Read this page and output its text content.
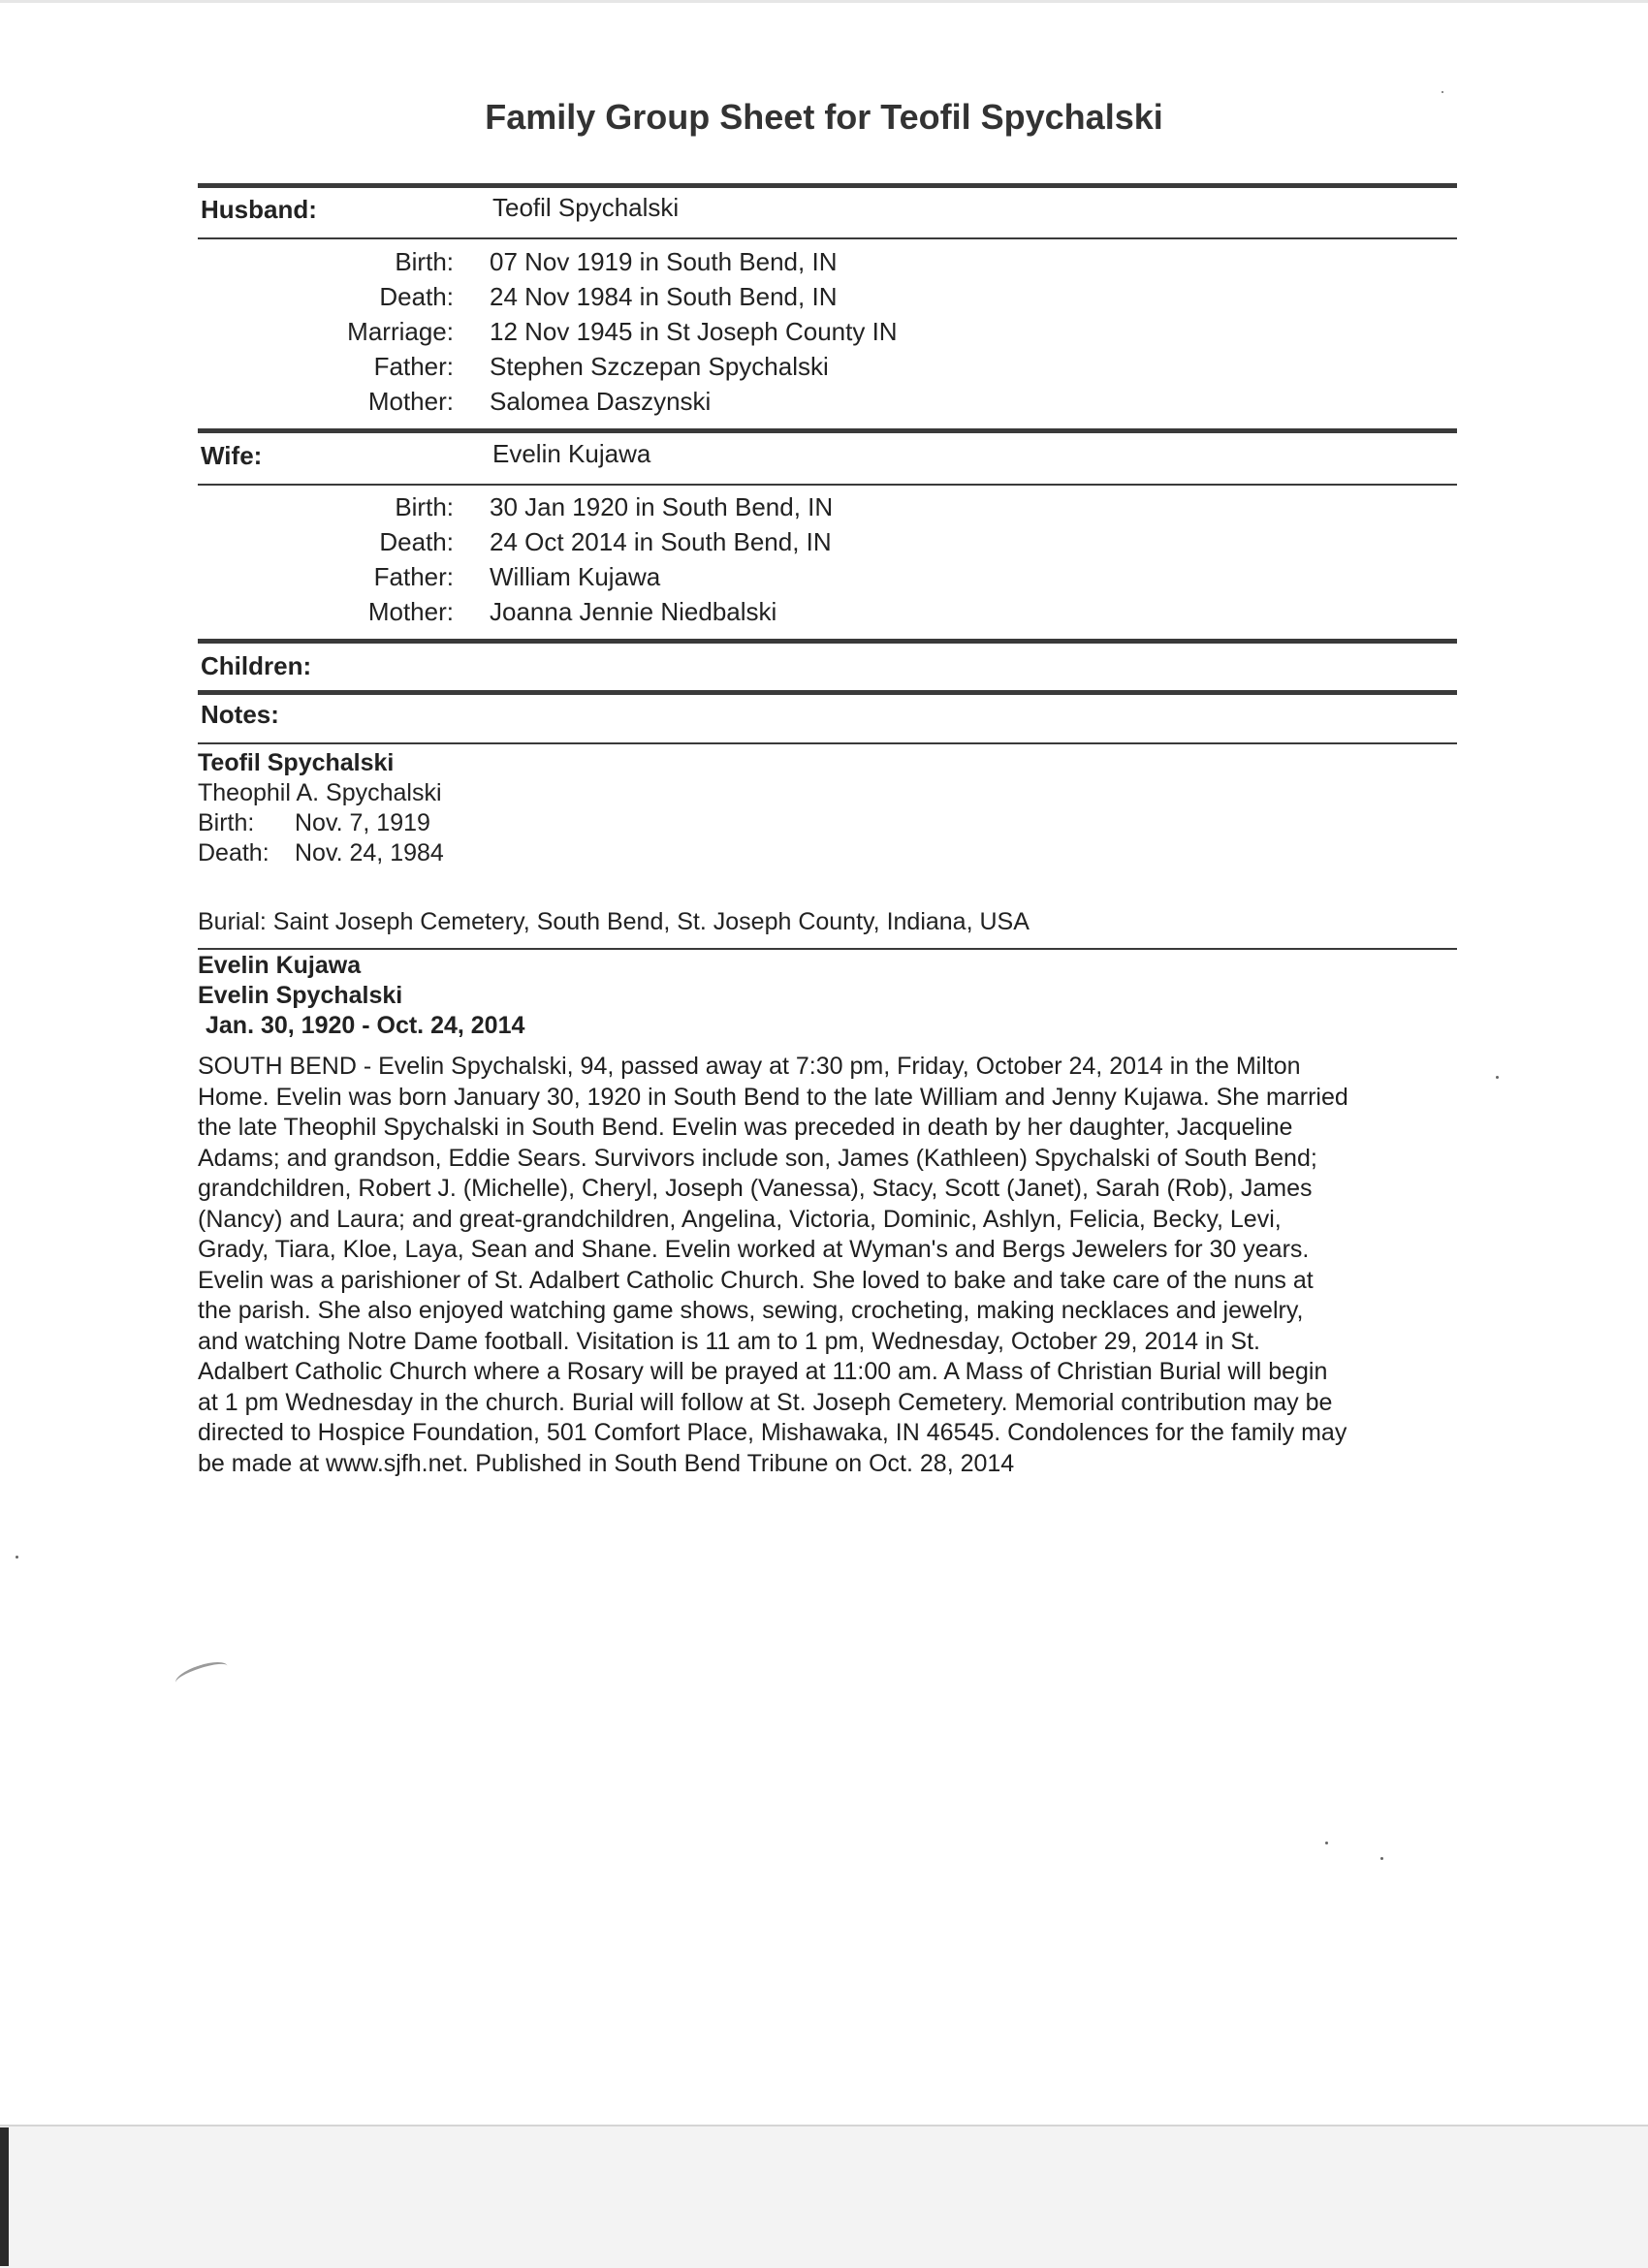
Family Group Sheet for Teofil Spychalski
Husband:	Teofil Spychalski
Birth: 07 Nov 1919 in South Bend, IN
Death: 24 Nov 1984 in South Bend, IN
Marriage: 12 Nov 1945 in St Joseph County IN
Father: Stephen Szczepan Spychalski
Mother: Salomea Daszynski
Wife:	Evelin Kujawa
Birth: 30 Jan 1920 in South Bend, IN
Death: 24 Oct 2014 in South Bend, IN
Father: William Kujawa
Mother: Joanna Jennie Niedbalski
Children:
Notes:
Teofil Spychalski
Theophil A. Spychalski
Birth:	Nov. 7, 1919
Death:	Nov. 24, 1984
Burial: Saint Joseph Cemetery, South Bend, St. Joseph County, Indiana, USA
Evelin Kujawa
Evelin Spychalski
Jan. 30, 1920 - Oct. 24, 2014
SOUTH BEND - Evelin Spychalski, 94, passed away at 7:30 pm, Friday, October 24, 2014 in the Milton
Home. Evelin was born January 30, 1920 in South Bend to the late William and Jenny Kujawa. She married
the late Theophil Spychalski in South Bend. Evelin was preceded in death by her daughter, Jacqueline
Adams; and grandson, Eddie Sears. Survivors include son, James (Kathleen) Spychalski of South Bend;
grandchildren, Robert J. (Michelle), Cheryl, Joseph (Vanessa), Stacy, Scott (Janet), Sarah (Rob), James
(Nancy) and Laura; and great-grandchildren, Angelina, Victoria, Dominic, Ashlyn, Felicia, Becky, Levi,
Grady, Tiara, Kloe, Laya, Sean and Shane. Evelin worked at Wyman's and Bergs Jewelers for 30 years.
Evelin was a parishioner of St. Adalbert Catholic Church. She loved to bake and take care of the nuns at
the parish. She also enjoyed watching game shows, sewing, crocheting, making necklaces and jewelry,
and watching Notre Dame football. Visitation is 11 am to 1 pm, Wednesday, October 29, 2014 in St.
Adalbert Catholic Church where a Rosary will be prayed at 11:00 am. A Mass of Christian Burial will begin
at 1 pm Wednesday in the church. Burial will follow at St. Joseph Cemetery. Memorial contribution may be
directed to Hospice Foundation, 501 Comfort Place, Mishawaka, IN 46545. Condolences for the family may
be made at www.sjfh.net. Published in South Bend Tribune on Oct. 28, 2014
